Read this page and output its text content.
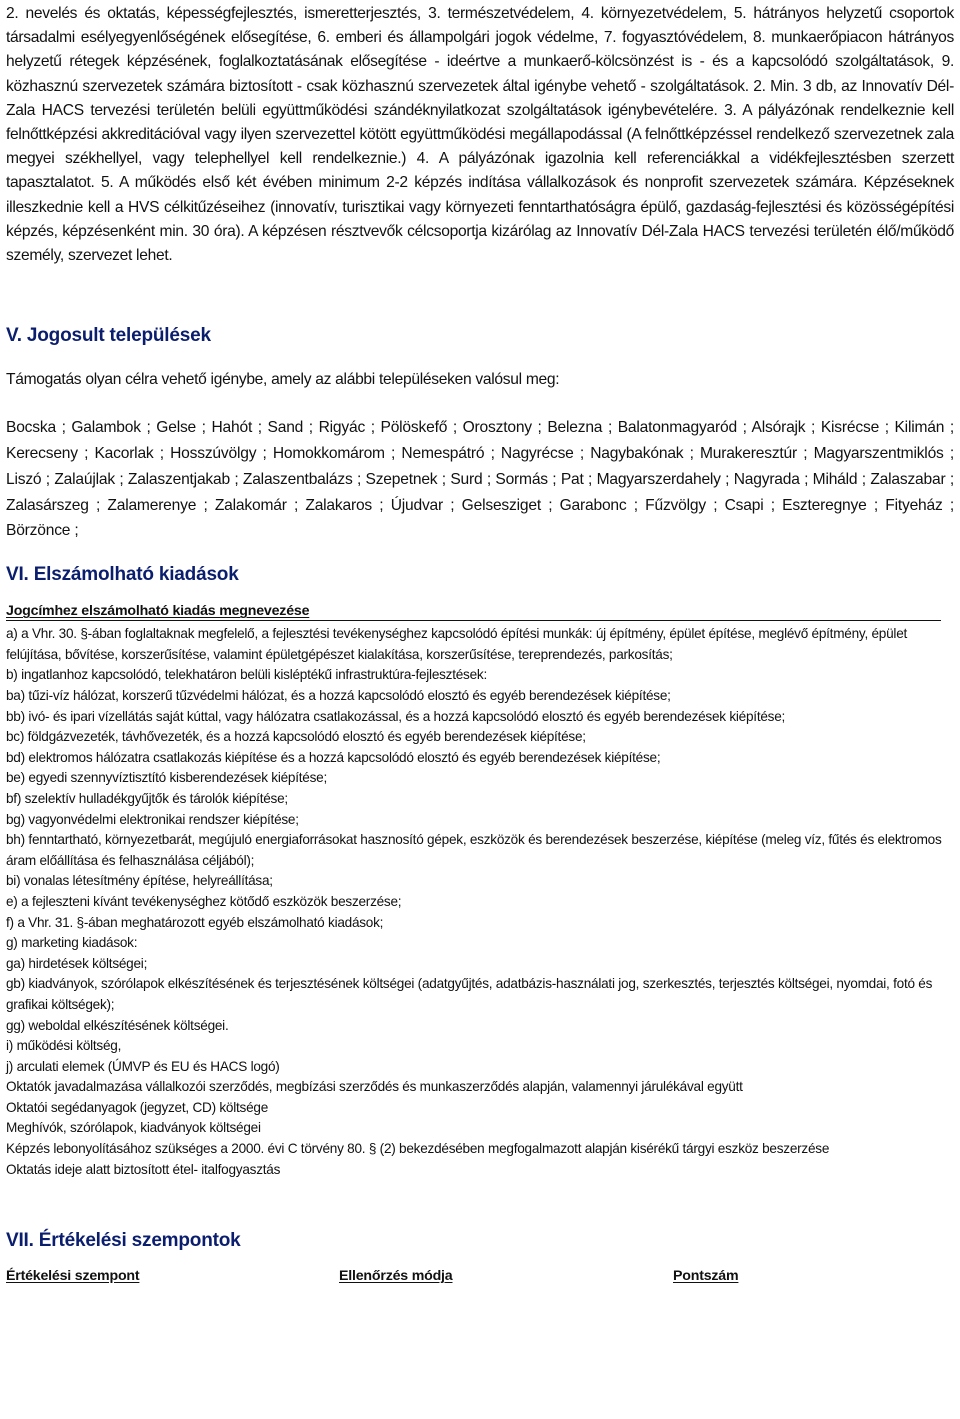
2. nevelés és oktatás, képességfejlesztés, ismeretterjesztés, 3. természetvédelem, 4. környezetvédelem, 5. hátrányos helyzetű csoportok társadalmi esélyegyenlőségének elősegítése, 6. emberi és állampolgári jogok védelme, 7. fogyasztóvédelem, 8. munkaerőpiacon hátrányos helyzetű rétegek képzésének, foglalkoztatásának elősegítése - ideértve a munkaerő-kölcsönzést is - és a kapcsolódó szolgáltatások, 9. közhasznú szervezetek számára biztosított - csak közhasznú szervezetek által igénybe vehető - szolgáltatások. 2. Min. 3 db, az Innovatív Dél-Zala HACS tervezési területén belüli együttműködési szándéknyilatkozat szolgáltatások igénybevételére. 3. A pályázónak rendelkeznie kell felnőttképzési akkreditációval vagy ilyen szervezettel kötött együttműködési megállapodással (A felnőttképzéssel rendelkező szervezetnek zala megyei székhellyel, vagy telephellyel kell rendelkeznie.) 4. A pályázónak igazolnia kell referenciákkal a vidékfejlesztésben szerzett tapasztalatot. 5. A működés első két évében minimum 2-2 képzés indítása vállalkozások és nonprofit szervezetek számára. Képzéseknek illeszkednie kell a HVS célkitűzéseihez (innovatív, turisztikai vagy környezeti fenntarthatóságra épülő, gazdaság-fejlesztési és közösségépítési képzés, képzésenként min. 30 óra). A képzésen résztvevők célcsoportja kizárólag az Innovatív Dél-Zala HACS tervezési területén élő/működő személy, szervezet lehet.

V. Jogosult települések
Támogatás olyan célra vehető igénybe, amely az alábbi településeken valósul meg:
Bocska ; Galambok ; Gelse ; Hahót ; Sand ; Rigyác ; Pölöskefő ; Orosztony ; Belezna ; Balatonmagyaród ; Alsórajk ; Kisrécse ; Kilimán ; Kerecseny ; Kacorlak ; Hosszúvölgy ; Homokkomárom ; Nemespátró ; Nagyrécse ; Nagybakónak ; Murakeresztúr ; Magyarszentmiklós ; Liszó ; Zalaújlak ; Zalaszentjakab ; Zalaszentbalázs ; Szepetnek ; Surd ; Sormás ; Pat ; Magyarszerdahely ; Nagyrada ; Miháld ; Zalaszabar ; Zalasárszeg ; Zalamerenye ; Zalakomár ; Zalakaros ; Újudvar ; Gelsesziget ; Garabonc ; Fűzvölgy ; Csapi ; Eszteregnye ; Fityeház ; Börzönce ;
VI. Elszámolható kiadások
Jogcímhez elszámolható kiadás megnevezése
a) a Vhr. 30. §-ában foglaltaknak megfelelő, a fejlesztési tevékenységhez kapcsolódó építési munkák: új építmény, épület építése, meglévő építmény, épület felújítása, bővítése, korszerűsítése, valamint épületgépészet kialakítása, korszerűsítése, tereprendezés, parkosítás;
b) ingatlanhoz kapcsolódó, telekhatáron belüli kisléptékű infrastruktúra-fejlesztések:
ba) tűzi-víz hálózat, korszerű tűzvédelmi hálózat, és a hozzá kapcsolódó elosztó és egyéb berendezések kiépítése;
bb) ivó- és ipari vízellátás saját kúttal, vagy hálózatra csatlakozással, és a hozzá kapcsolódó elosztó és egyéb berendezések kiépítése;
bc) földgázvezeték, távhővezeték, és a hozzá kapcsolódó elosztó és egyéb berendezések kiépítése;
bd) elektromos hálózatra csatlakozás kiépítése és a hozzá kapcsolódó elosztó és egyéb berendezések kiépítése;
be) egyedi szennyvíztisztító kisberendezések kiépítése;
bf) szelektív hulladékgyűjtők és tárolók kiépítése;
bg) vagyonvédelmi elektronikai rendszer kiépítése;
bh) fenntartható, környezetbarát, megújuló energiaforrásokat hasznosító gépek, eszközök és berendezések beszerzése, kiépítése (meleg víz, fűtés és elektromos áram előállítása és felhasználása céljából);
bi) vonalas létesítmény építése, helyreállítása;
e) a fejleszteni kívánt tevékenységhez kötődő eszközök beszerzése;
f) a Vhr. 31. §-ában meghatározott egyéb elszámolható kiadások;
g) marketing kiadások:
ga) hirdetések költségei;
gb) kiadványok, szórólapok elkészítésének és terjesztésének költségei (adatgyűjtés, adatbázis-használati jog, szerkesztés, terjesztés költségei, nyomdai, fotó és grafikai költségek);
gg) weboldal elkészítésének költségei.
i) működési költség,
j) arculati elemek (ÚMVP és EU és HACS logó)
Oktatók javadalmazása vállalkozói szerződés, megbízási szerződés és munkaszerződés alapján, valamennyi járulékával együtt
Oktatói segédanyagok (jegyzet, CD) költsége
Meghívók, szórólapok, kiadványok költségei
Képzés lebonyolításához szükséges a 2000. évi C törvény 80. § (2) bekezdésében megfogalmazott alapján kisérékű tárgyi eszköz beszerzése
Oktatás ideje alatt biztosított étel- italfogyasztás
VII. Értékelési szempontok
Értékelési szempont	Ellenőrzés módja	Pontszám
